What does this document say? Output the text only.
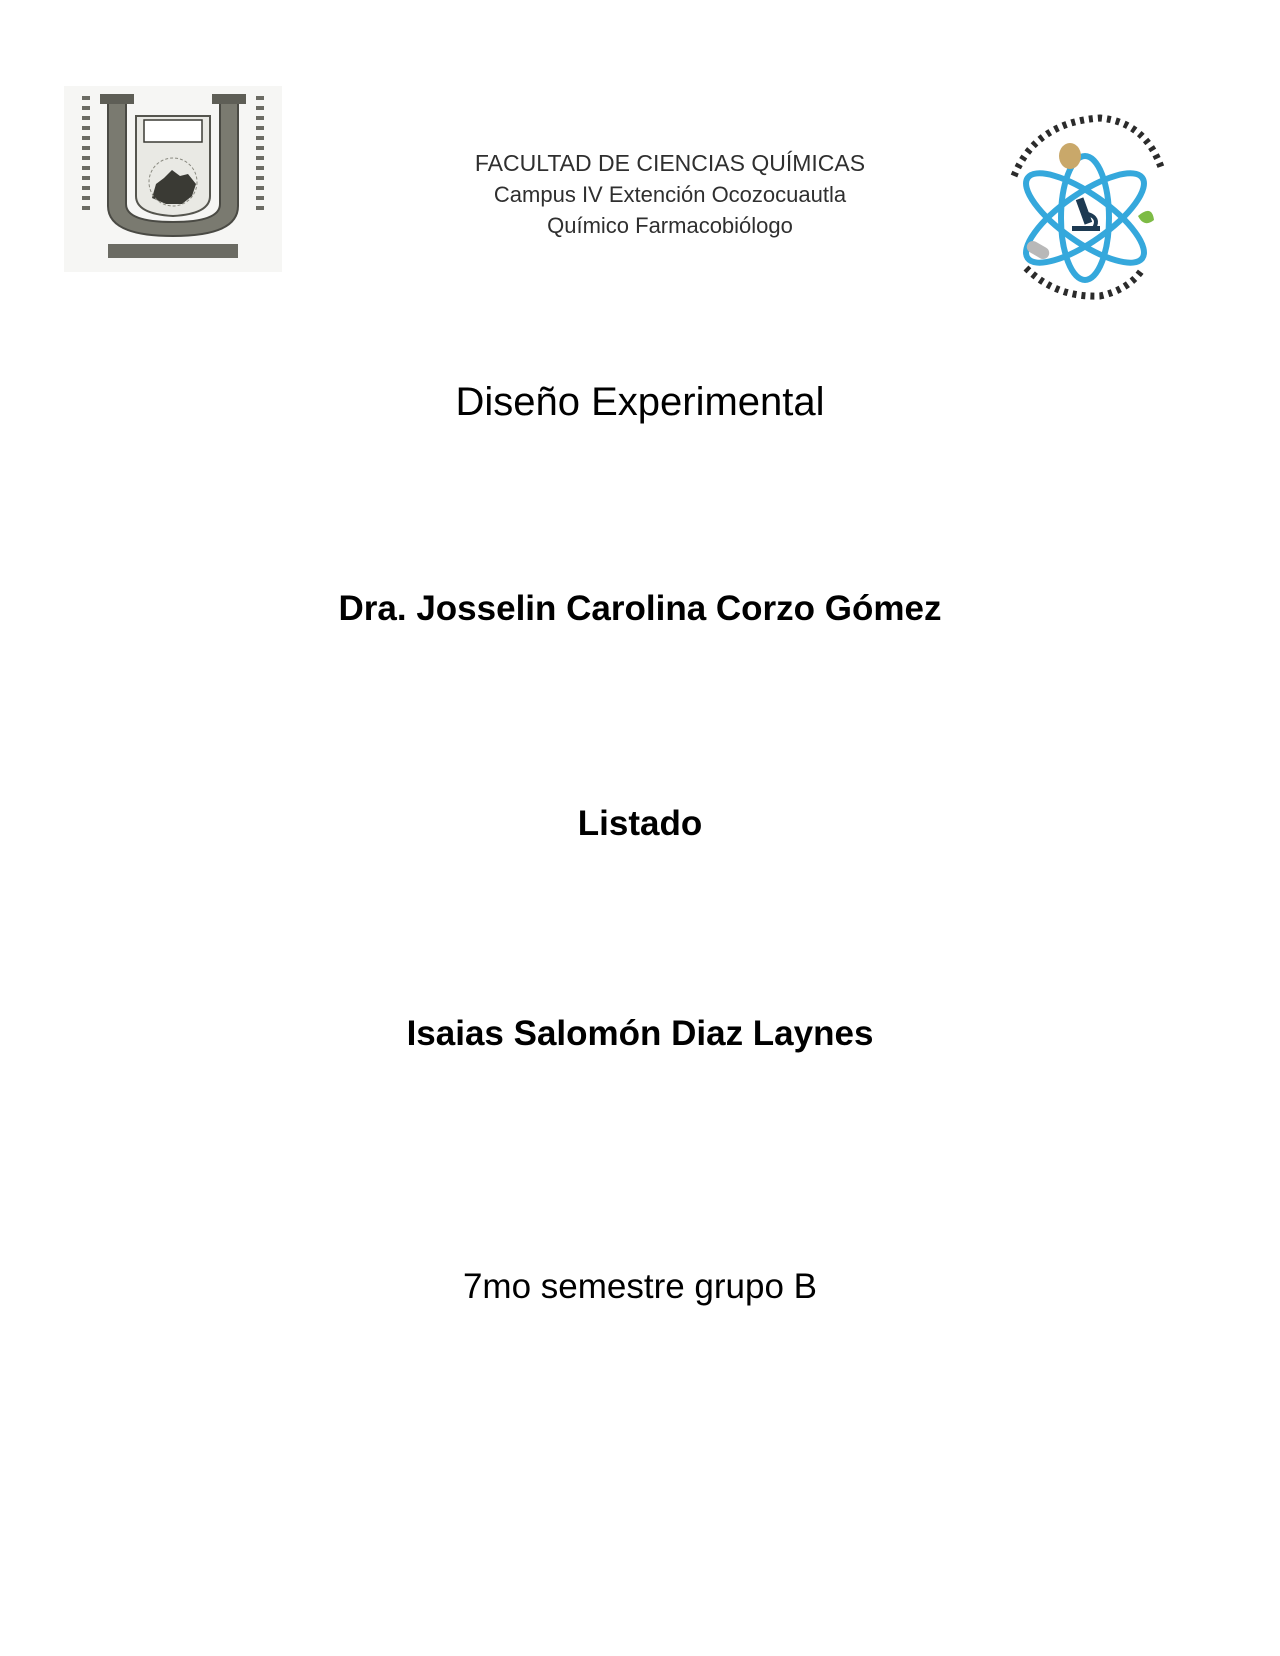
FACULTAD DE CIENCIAS QUÍMICAS
Campus IV Extención Ocozocuautla
Químico Farmacobiólogo
Diseño Experimental
Dra. Josselin Carolina Corzo Gómez
Listado
Isaias Salomón Diaz Laynes
7mo semestre grupo B
